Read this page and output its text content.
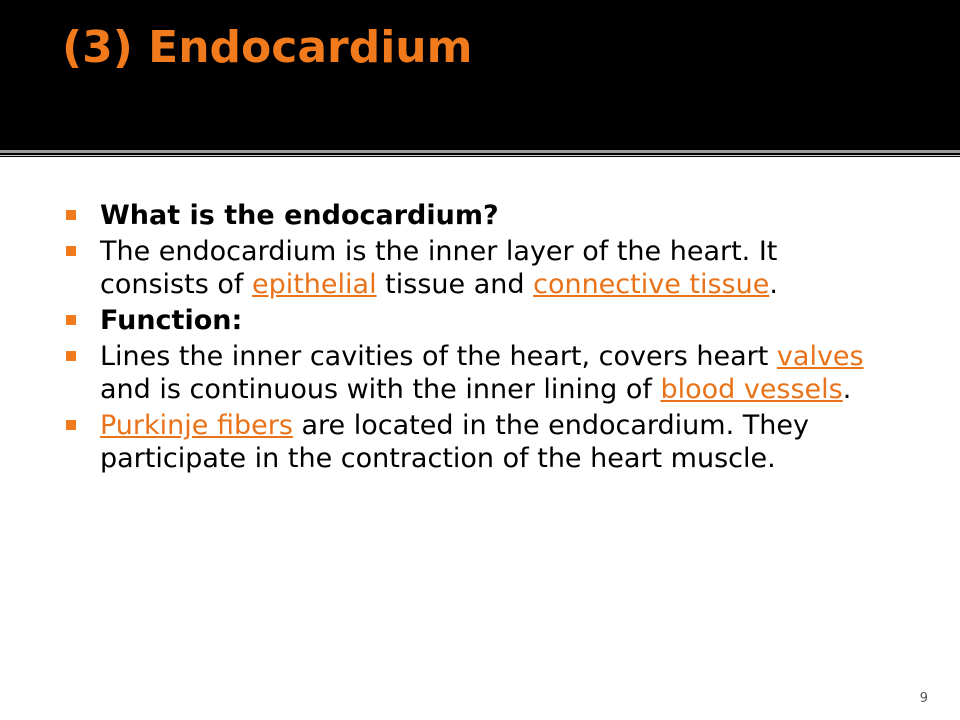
(3) Endocardium
What is the endocardium?
The endocardium is the inner layer of the heart. It consists of epithelial tissue and connective tissue.
Function:
Lines the inner cavities of the heart, covers heart valves and is continuous with the inner lining of blood vessels.
Purkinje fibers are located in the endocardium. They participate in the contraction of the heart muscle.
9
